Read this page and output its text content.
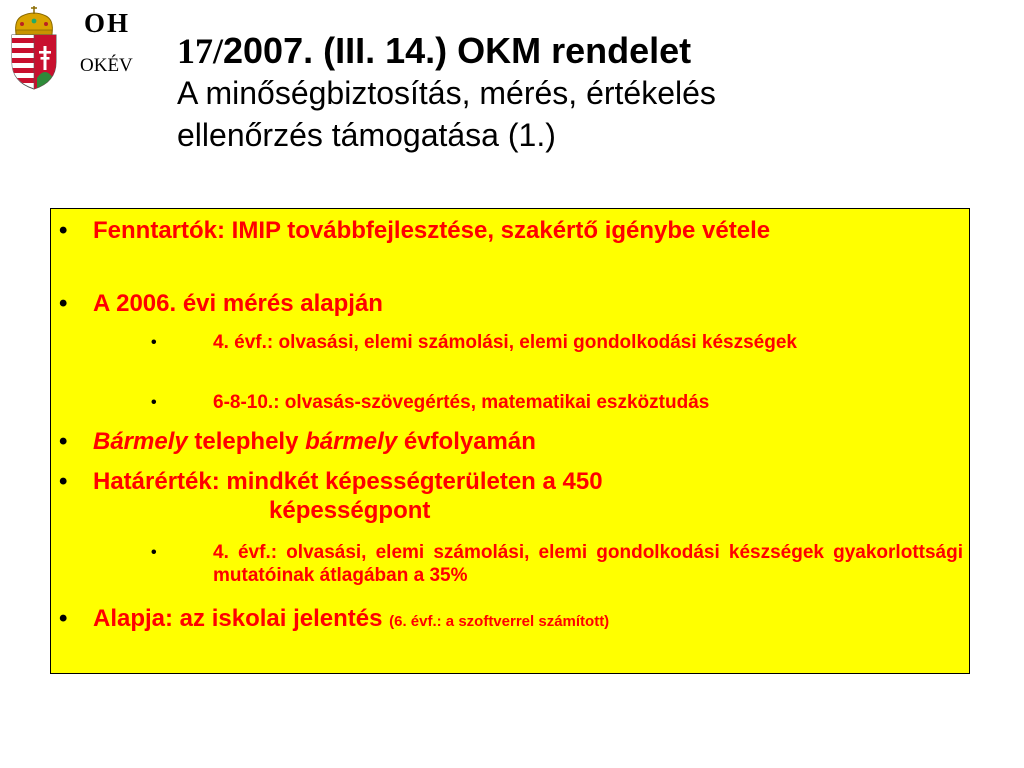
OH
OKÉV 17/2007. (III. 14.) OKM rendelet
A minőségbiztosítás, mérés, értékelés
ellenőrzés támogatása (1.)
• Fenntartók: IMIP továbbfejlesztése, szakértő igénybe vétele
• A 2006. évi mérés alapján
•	4. évf.: olvasási, elemi számolási, elemi gondolkodási készségek
•	6-8-10.: olvasás-szövegértés, matematikai eszköztudás
• Bármely telephely bármely évfolyamán
• Határérték: mindkét képességterületen a 450
képességpont
•	4. évf.: olvasási, elemi számolási, elemi gondolkodási készségek gyakorlottsági mutatóinak átlagában a 35%
• Alapja: az iskolai jelentés (6. évf.: a szoftverrel számított)
